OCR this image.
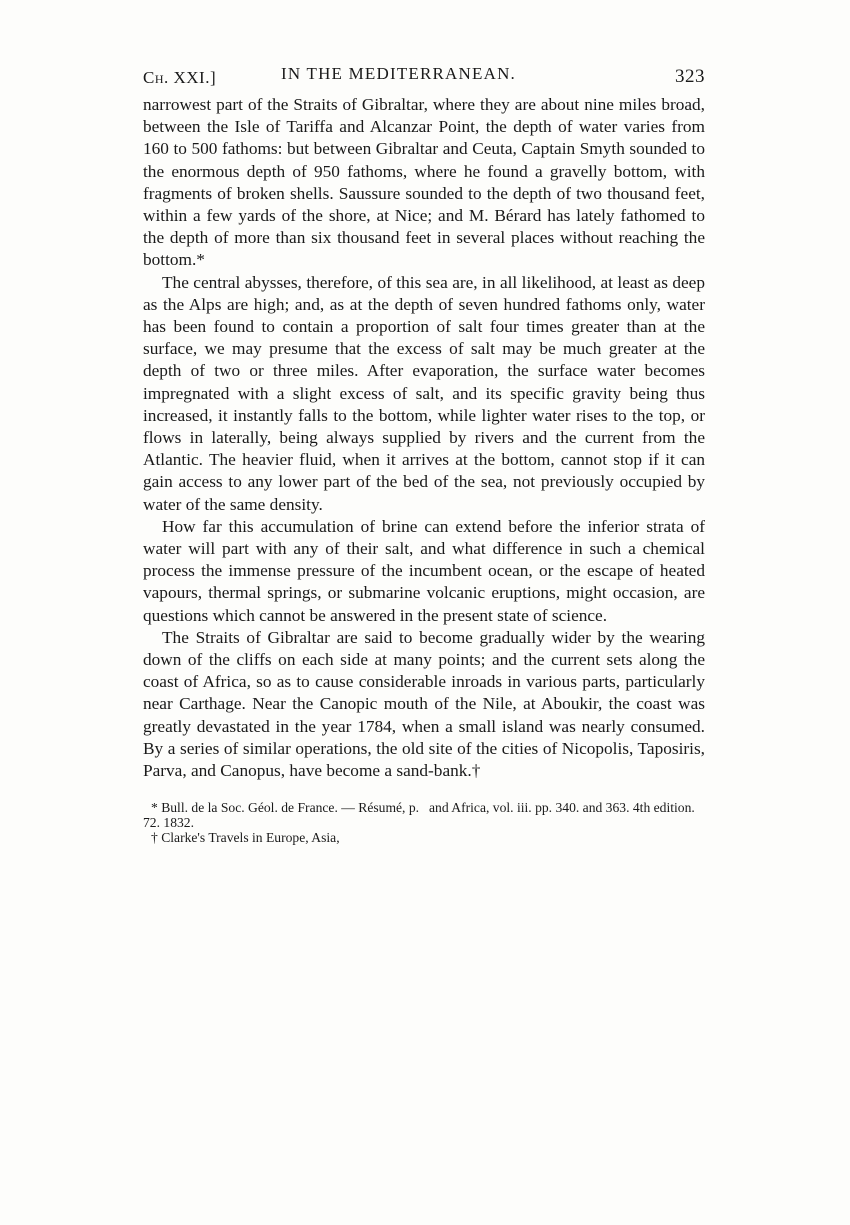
Ch. XXI.]	IN THE MEDITERRANEAN.	323

narrowest part of the Straits of Gibraltar, where they are about nine miles broad, between the Isle of Tariffa and Alcanzar Point, the depth of water varies from 160 to 500 fathoms: but between Gibraltar and Ceuta, Captain Smyth sounded to the enormous depth of 950 fathoms, where he found a gravelly bottom, with fragments of broken shells. Saussure sounded to the depth of two thousand feet, within a few yards of the shore, at Nice; and M. Bérard has lately fathomed to the depth of more than six thousand feet in several places without reaching the bottom.*

The central abysses, therefore, of this sea are, in all likelihood, at least as deep as the Alps are high; and, as at the depth of seven hundred fathoms only, water has been found to contain a proportion of salt four times greater than at the surface, we may presume that the excess of salt may be much greater at the depth of two or three miles. After evaporation, the surface water becomes impregnated with a slight excess of salt, and its specific gravity being thus increased, it instantly falls to the bottom, while lighter water rises to the top, or flows in laterally, being always supplied by rivers and the current from the Atlantic. The heavier fluid, when it arrives at the bottom, cannot stop if it can gain access to any lower part of the bed of the sea, not previously occupied by water of the same density.

How far this accumulation of brine can extend before the inferior strata of water will part with any of their salt, and what difference in such a chemical process the immense pressure of the incumbent ocean, or the escape of heated vapours, thermal springs, or submarine volcanic eruptions, might occasion, are questions which cannot be answered in the present state of science.

The Straits of Gibraltar are said to become gradually wider by the wearing down of the cliffs on each side at many points; and the current sets along the coast of Africa, so as to cause considerable inroads in various parts, particularly near Carthage. Near the Canopic mouth of the Nile, at Aboukir, the coast was greatly devastated in the year 1784, when a small island was nearly consumed. By a series of similar operations, the old site of the cities of Nicopolis, Taposiris, Parva, and Canopus, have become a sand-bank.†

* Bull. de la Soc. Géol. de France. — Résumé, p. 72. 1832.
† Clarke's Travels in Europe, Asia,
and Africa, vol. iii. pp. 340. and 363. 4th edition.
